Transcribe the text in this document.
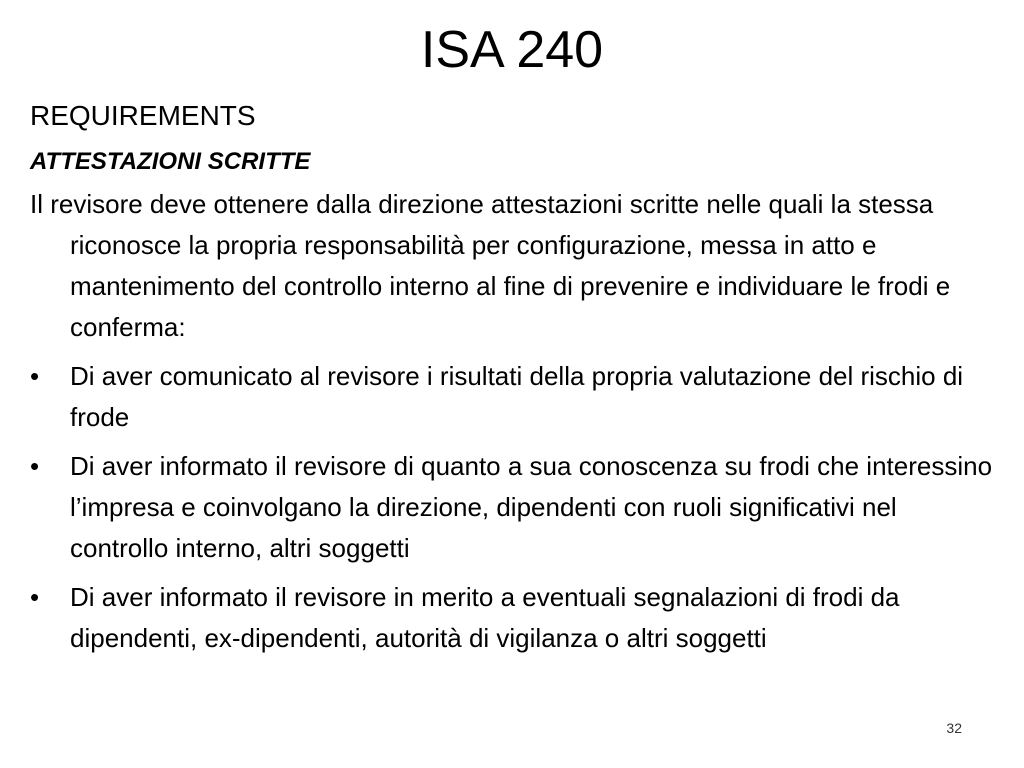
ISA 240
REQUIREMENTS
ATTESTAZIONI SCRITTE
Il revisore deve ottenere dalla direzione attestazioni scritte nelle quali la stessa riconosce la propria responsabilità per configurazione, messa in atto e mantenimento del controllo interno al fine di prevenire e individuare le frodi e conferma:
•	Di aver comunicato al revisore i risultati della propria valutazione del rischio di frode
•	Di aver informato il revisore di quanto a sua conoscenza su frodi che interessino l’impresa e coinvolgano la direzione, dipendenti con ruoli significativi nel controllo interno, altri soggetti
•	Di aver informato il revisore in merito a eventuali segnalazioni di frodi da dipendenti, ex-dipendenti, autorità di vigilanza o altri soggetti
32
